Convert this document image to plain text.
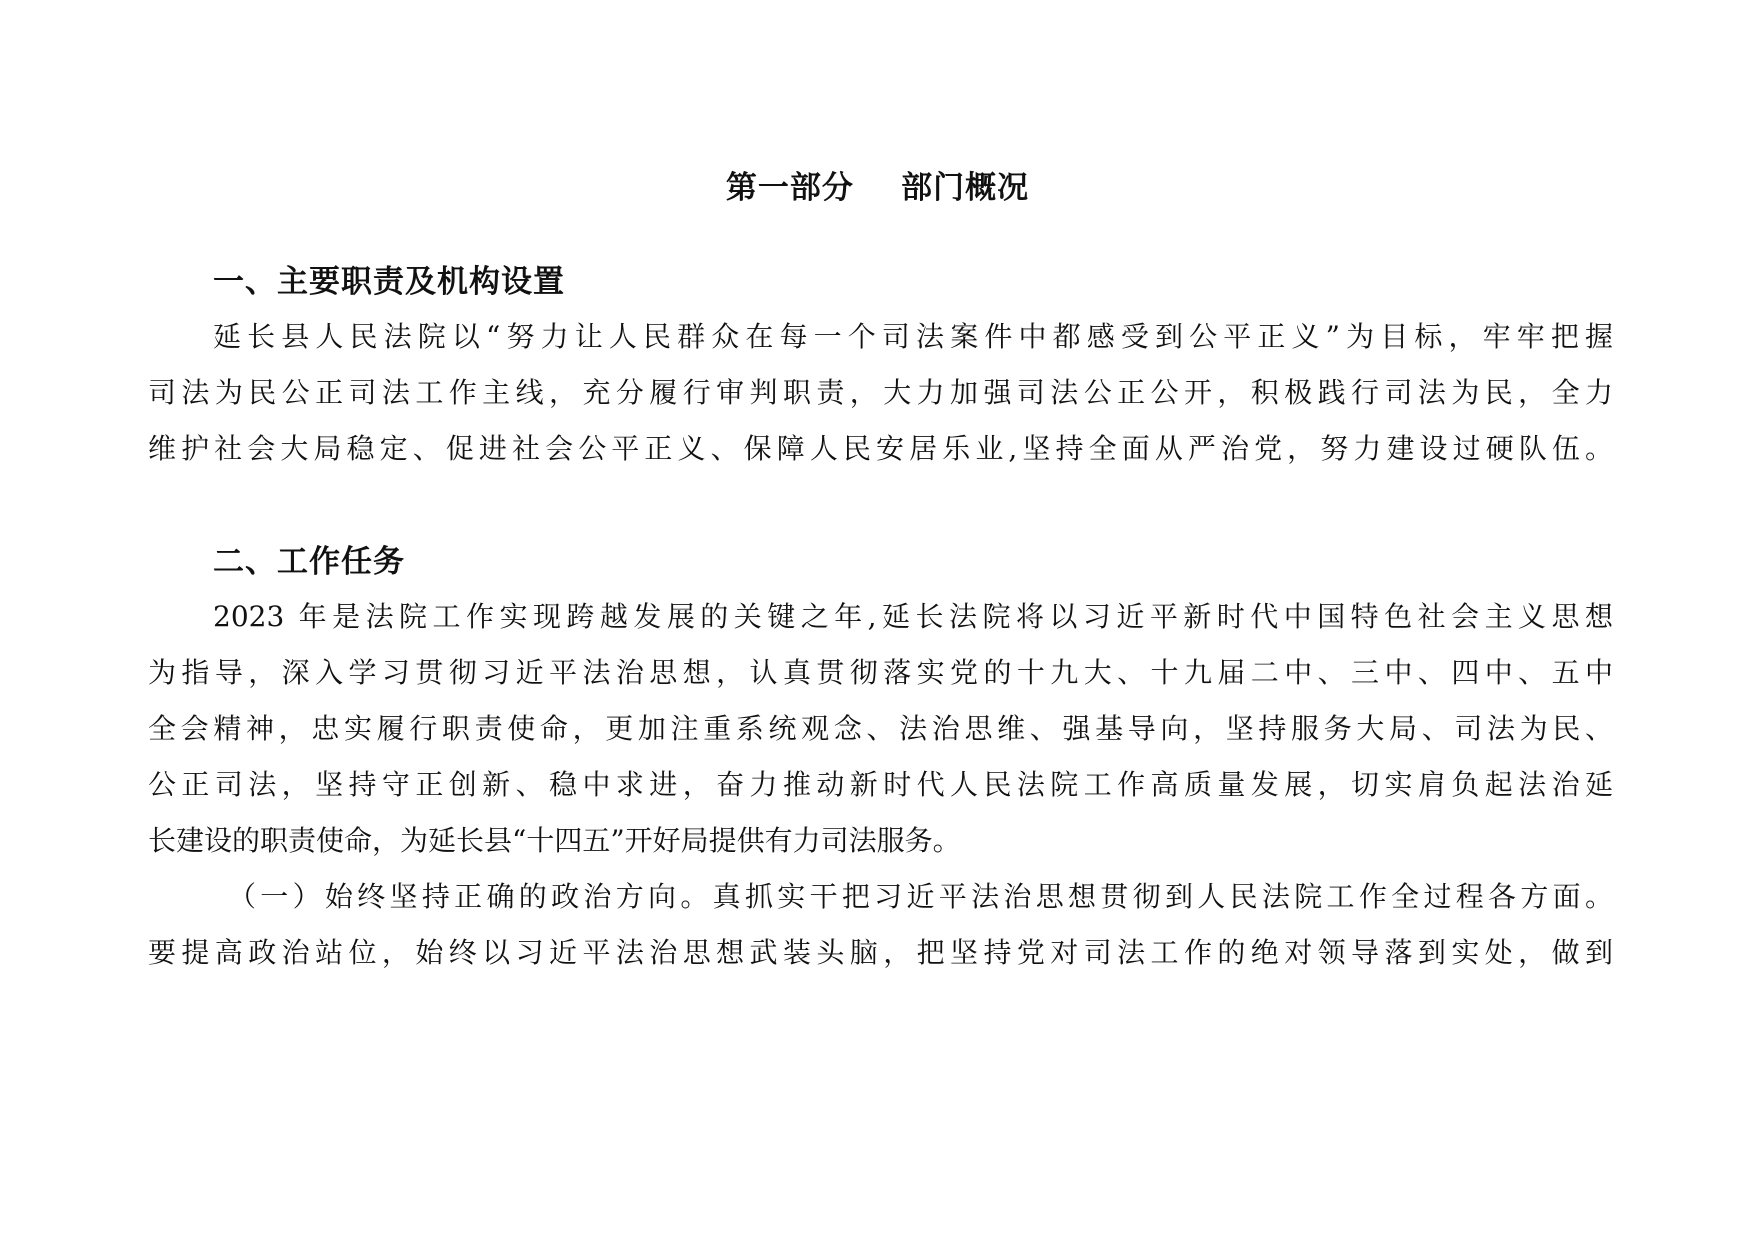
第一部分    部门概况
一、主要职责及机构设置
延长县人民法院以“努力让人民群众在每一个司法案件中都感受到公平正义”为目标，牢牢把握
司法为民公正司法工作主线，充分履行审判职责，大力加强司法公正公开，积极践行司法为民，全力
维护社会大局稳定、促进社会公平正义、保障人民安居乐业,坚持全面从严治党，努力建设过硬队伍。
二、工作任务
2023 年是法院工作实现跨越发展的关键之年,延长法院将以习近平新时代中国特色社会主义思想
为指导，深入学习贯彻习近平法治思想，认真贯彻落实党的十九大、十九届二中、三中、四中、五中
全会精神，忠实履行职责使命，更加注重系统观念、法治思维、强基导向，坚持服务大局、司法为民、
公正司法，坚持守正创新、稳中求进，奋力推动新时代人民法院工作高质量发展，切实肩负起法治延
长建设的职责使命，为延长县“十四五”开好局提供有力司法服务。
（一）始终坚持正确的政治方向。真抓实干把习近平法治思想贯彻到人民法院工作全过程各方面。
要提高政治站位，始终以习近平法治思想武装头脑，把坚持党对司法工作的绝对领导落到实处，做到
